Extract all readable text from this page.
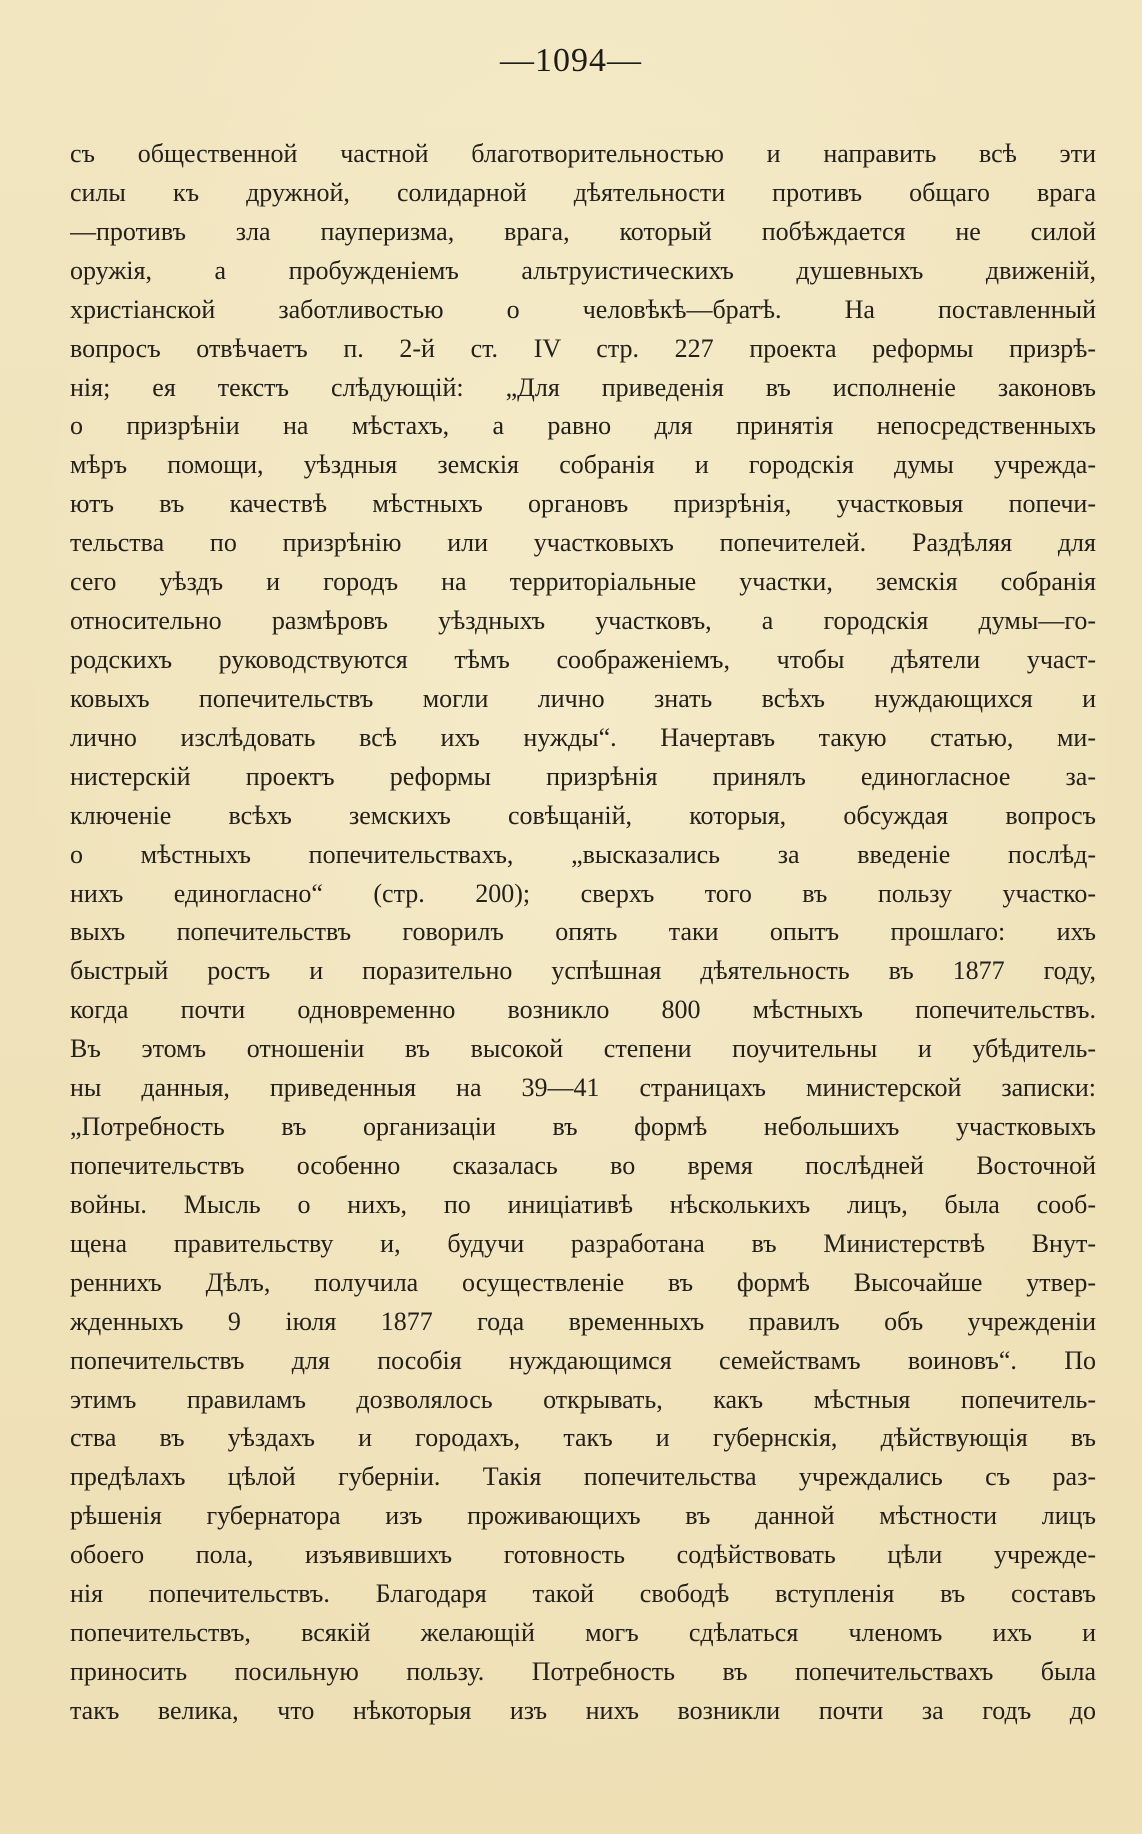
—1094—
съ общественной частной благотворительностью и направить всѣ эти
силы къ дружной, солидарной дѣятельности противъ общаго врага
—противъ зла пауперизма, врага, который побѣждается не силой
оружія, а пробужденіемъ альтруистическихъ душевныхъ движеній,
христіанской заботливостью о человѣкѣ—братѣ. На поставленный
вопросъ отвѣчаетъ п. 2-й ст. IV стр. 227 проекта реформы призрѣ-
нія; ея текстъ слѣдующій: „Для приведенія въ исполненіе законовъ
о призрѣніи на мѣстахъ, а равно для принятія непосредственныхъ
мѣръ помощи, уѣздныя земскія собранія и городскія думы учрежда-
ютъ въ качествѣ мѣстныхъ органовъ призрѣнія, участковыя попечи-
тельства по призрѣнію или участковыхъ попечителей. Раздѣляя для
сего уѣздъ и городъ на территоріальные участки, земскія собранія
относительно размѣровъ уѣздныхъ участковъ, а городскія думы—го-
родскихъ руководствуются тѣмъ соображеніемъ, чтобы дѣятели участ-
ковыхъ попечительствъ могли лично знать всѣхъ нуждающихся и
лично изслѣдовать всѣ ихъ нужды“. Начертавъ такую статью, ми-
нистерскій проектъ реформы призрѣнія принялъ единогласное за-
ключеніе всѣхъ земскихъ совѣщаній, которыя, обсуждая вопросъ
о мѣстныхъ попечительствахъ, „высказались за введеніе послѣд-
нихъ единогласно“ (стр. 200); сверхъ того въ пользу участко-
выхъ попечительствъ говорилъ опять таки опытъ прошлаго: ихъ
быстрый ростъ и поразительно успѣшная дѣятельность въ 1877 году,
когда почти одновременно возникло 800 мѣстныхъ попечительствъ.
Въ этомъ отношеніи въ высокой степени поучительны и убѣдитель-
ны данныя, приведенныя на 39—41 страницахъ министерской записки:
„Потребность въ организаціи въ формѣ небольшихъ участковыхъ
попечительствъ особенно сказалась во время послѣдней Восточной
войны. Мысль о нихъ, по иниціативѣ нѣсколькихъ лицъ, была сооб-
щена правительству и, будучи разработана въ Министерствѣ Внут-
реннихъ Дѣлъ, получила осуществленіе въ формѣ Высочайше утвер-
жденныхъ 9 іюля 1877 года временныхъ правилъ объ учрежденіи
попечительствъ для пособія нуждающимся семействамъ воиновъ“. По
этимъ правиламъ дозволялось открывать, какъ мѣстныя попечитель-
ства въ уѣздахъ и городахъ, такъ и губернскія, дѣйствующія въ
предѣлахъ цѣлой губерніи. Такія попечительства учреждались съ раз-
рѣшенія губернатора изъ проживающихъ въ данной мѣстности лицъ
обоего пола, изъявившихъ готовность содѣйствовать цѣли учрежде-
нія попечительствъ. Благодаря такой свободѣ вступленія въ составъ
попечительствъ, всякій желающій могъ сдѣлаться членомъ ихъ и
приносить посильную пользу. Потребность въ попечительствахъ была
такъ велика, что нѣкоторыя изъ нихъ возникли почти за годъ до
